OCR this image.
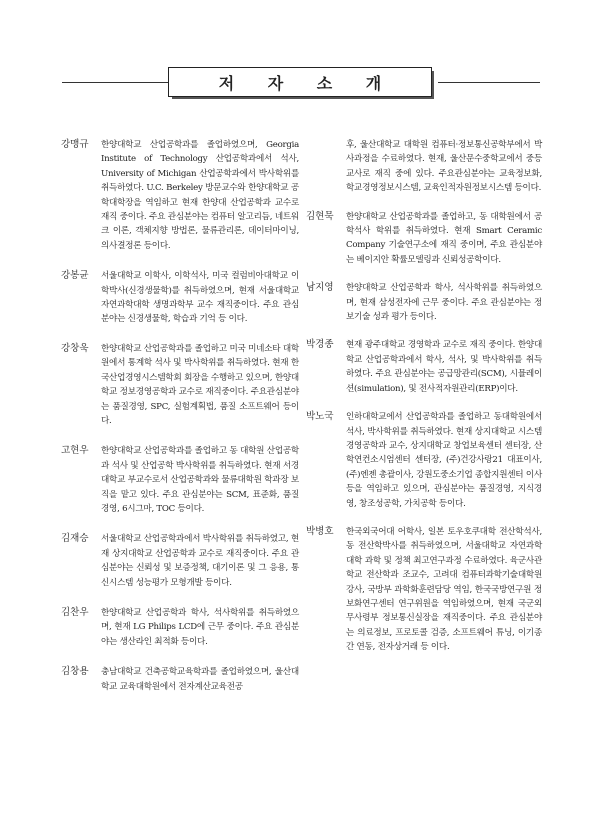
저 자 소 개
강맹규	한양대학교 산업공학과를 졸업하였으며, Georgia Institute of Technology 산업공학과에서 석사, University of Michigan 산업공학과에서 박사학위를 취득하였다. U.C. Berkeley 방문교수와 한양대학교 공학대학장을 역임하고 현재 한양대 산업공학과 교수로 재직 중이다. 주요 관심분야는 컴퓨터 알고리듬, 네트워크 이론, 객체지향 방법론, 물류관리론, 데이터마이닝, 의사결정론 등이다.
강봉균	서울대학교 이학사, 이학석사, 미국 컬럼비아대학교 이학박사(신경생물학)를 취득하였으며, 현재 서울대학교 자연과학대학 생명과학부 교수 재직중이다. 주요 관심분야는 신경생물학, 학습과 기억 등 이다.
강창욱	한양대학교 산업공학과를 졸업하고 미국 미네소타 대학원에서 통계학 석사 및 박사학위를 취득하였다. 현재 한국산업경영시스템학회 회장을 수행하고 있으며, 한양대학교 정보경영공학과 교수로 재직중이다. 주요관심분야는 품질경영, SPC, 실험계획법, 품질 소프트웨어 등이다.
고현우	한양대학교 산업공학과를 졸업하고 동 대학원 산업공학과 석사 및 산업공학 박사학위를 취득하였다. 현재 서경대학교 부교수로서 산업공학과와 물류대학원 학과장 보직을 맡고 있다. 주요 관심분야는 SCM, 표준화, 품질경영, 6시그마, TOC 등이다.
김재승	서울대학교 산업공학과에서 박사학위를 취득하였고, 현재 상지대학교 산업공학과 교수로 재직중이다. 주요 관심분야는 신뢰성 및 보증정책, 대기이론 및 그 응용, 통신시스템 성능평가 모형개발 등이다.
김찬우	한양대학교 산업공학과 학사, 석사학위를 취득하였으며, 현재 LG Philips LCD에 근무 중이다. 주요 관심분야는 생산라인 최적화 등이다.
김창용	충남대학교 건축공학교육학과를 졸업하였으며, 울산대학교 교육대학원에서 전자계산교육전공
후, 울산대학교 대학원 컴퓨터·정보통신공학부에서 박사과정을 수료하였다. 현재, 울산문수중학교에서 중등교사로 재직 중에 있다. 주요관심분야는 교육정보화, 학교경영정보시스템, 교육인적자원정보시스템 등이다.
김현묵	한양대학교 산업공학과를 졸업하고, 동 대학원에서 공학석사 학위를 취득하였다. 현재 Smart Ceramic Company 기술연구소에 재직 중이며, 주요 관심분야는 베이지안 확률모델링과 신뢰성공학이다.
남지영	한양대학교 산업공학과 학사, 석사학위를 취득하였으며, 현재 삼성전자에 근무 중이다. 주요 관심분야는 정보기술 성과 평가 등이다.
박경종	현재 광주대학교 경영학과 교수로 재직 중이다. 한양대학교 산업공학과에서 학사, 석사, 및 박사학위를 취득하였다. 주요 관심분야는 공급망관리(SCM), 시뮬레이션(simulation), 및 전사적자원관리(ERP)이다.
박노국	인하대학교에서 산업공학과를 졸업하고 동대학원에서 석사, 박사학위를 취득하였다. 현재 상지대학교 시스템경영공학과 교수, 상지대학교 창업보육센터 센터장, 산학연컨소시엄센터 센터장, (주)건강사랑21 대표이사, (주)엔젠 총괄이사, 강원도중소기업 종합지원센터 이사 등을 역임하고 있으며, 관심분야는 품질경영, 지식경영, 창조성공학, 가치공학 등이다.
박병호	한국외국어대 어학사, 일본 토우호쿠대학 전산학석사, 동 전산학박사를 취득하였으며, 서울대학교 자연과학대학 과학 및 정책 최고연구과정 수료하였다. 육군사관학교 전산학과 조교수, 고려대 컴퓨터과학기술대학원 강사, 국방부 과학화훈련담당 역임, 한국국방연구원 정보화연구센터 연구위원을 역임하였으며, 현재 국군외무사령부 정보통신실장을 재직중이다. 주요 관심분야는 의료정보, 프로토콜 검증, 소프트웨어 튜닝, 이기종간 연동, 전자상거래 등 이다.
